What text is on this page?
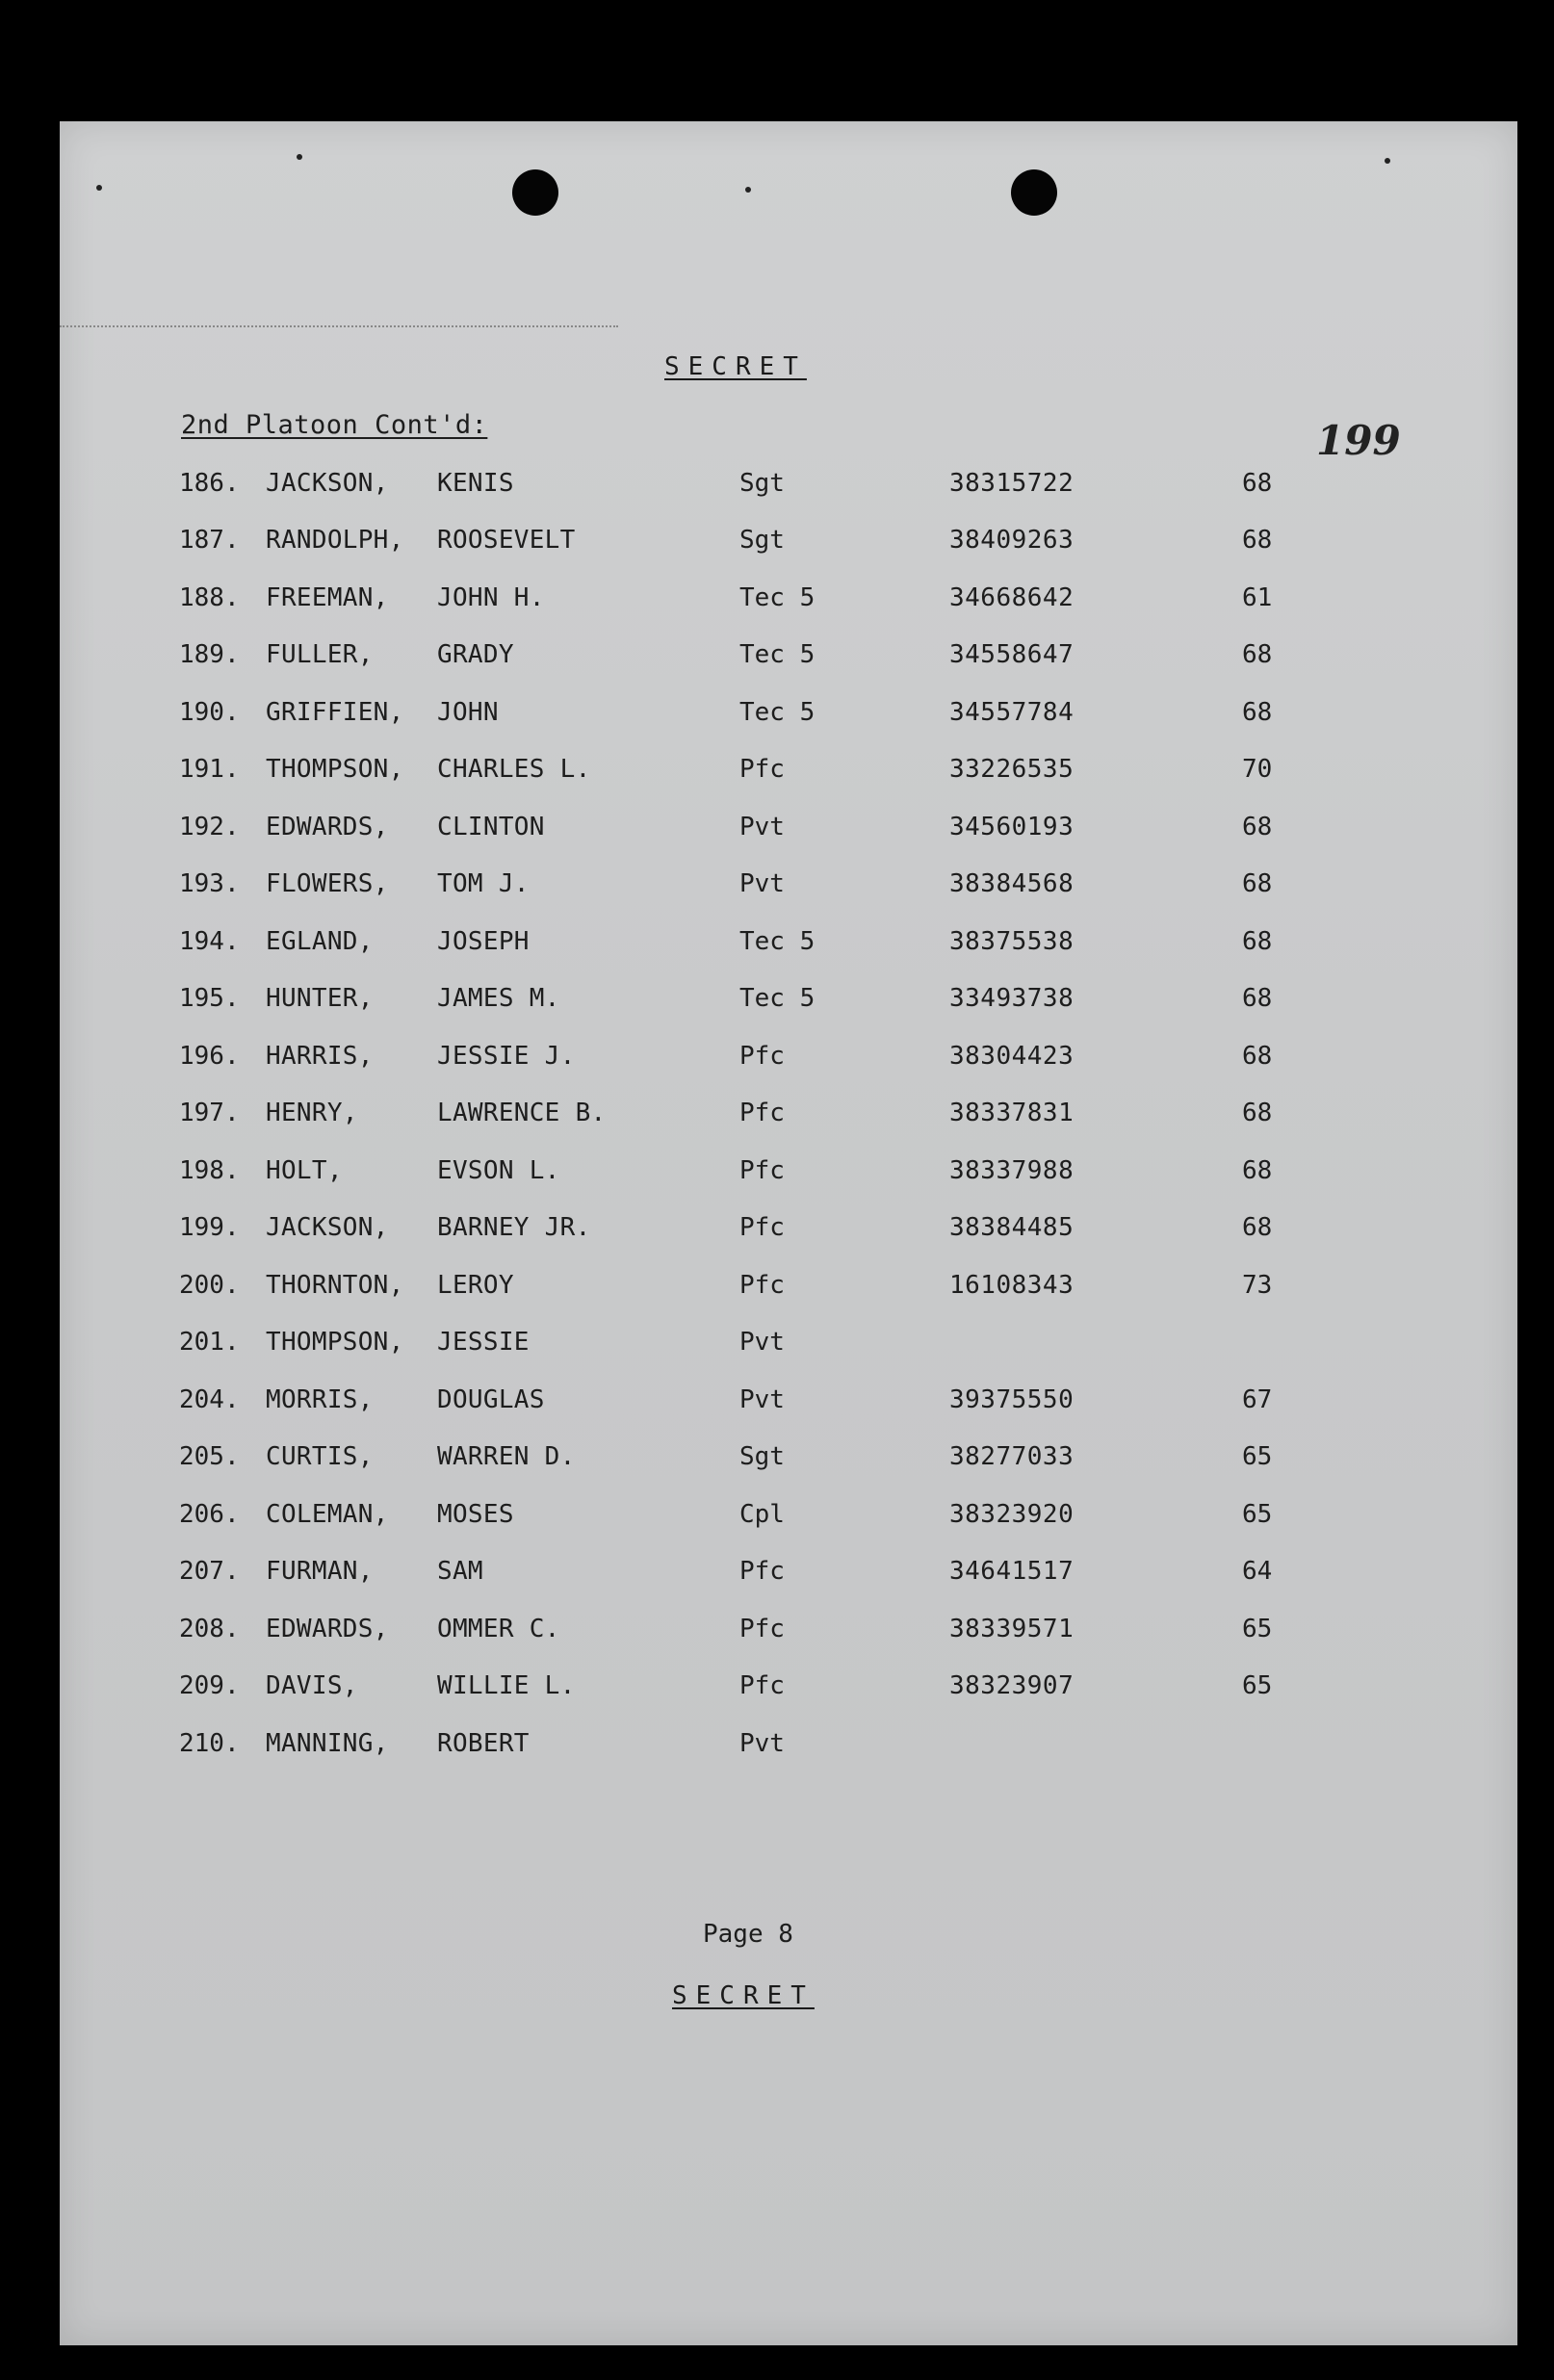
SECRET
2nd Platoon Cont'd:	199
186. JACKSON, KENIS	Sgt	38315722	68
187. RANDOLPH, ROOSEVELT	Sgt	38409263	68
188. FREEMAN, JOHN H.	Tec 5	34668642	61
189. FULLER,	GRADY	Tec 5	34558647	68
190. GRIFFIEN, JOHN	Tec 5	34557784	68
191. THOMPSON, CHARLES L.	Pfc	33226535	70
192. EDWARDS, CLINTON	Pvt	34560193	68
193. FLOWERS, TOM J.	Pvt	38384568	68
194. EGLAND,	JOSEPH	Tec 5	38375538	68
195. HUNTER,	JAMES M.	Tec 5	33493738	68
196. HARRIS,	JESSIE J.	Pfc	38304423	68
197. HENRY,	LAWRENCE B.	Pfc	38337831	68
198. HOLT,	EVSON L.	Pfc	38337988	68
199. JACKSON, BARNEY JR.	Pfc	38384485	68
200. THORNTON, LEROY	Pfc	16108343	73
201. THOMPSON, JESSIE	Pvt
204. MORRIS,	DOUGLAS	Pvt	39375550	67
205. CURTIS,	WARREN D.	Sgt	38277033	65
206. COLEMAN, MOSES	Cpl	38323920	65
207. FURMAN,	SAM	Pfc	34641517	64
208. EDWARDS, OMMER C.	Pfc	38339571	65
209. DAVIS,	WILLIE L.	Pfc	38323907	65
210. MANNING, ROBERT	Pvt
Page 8
SECRET
